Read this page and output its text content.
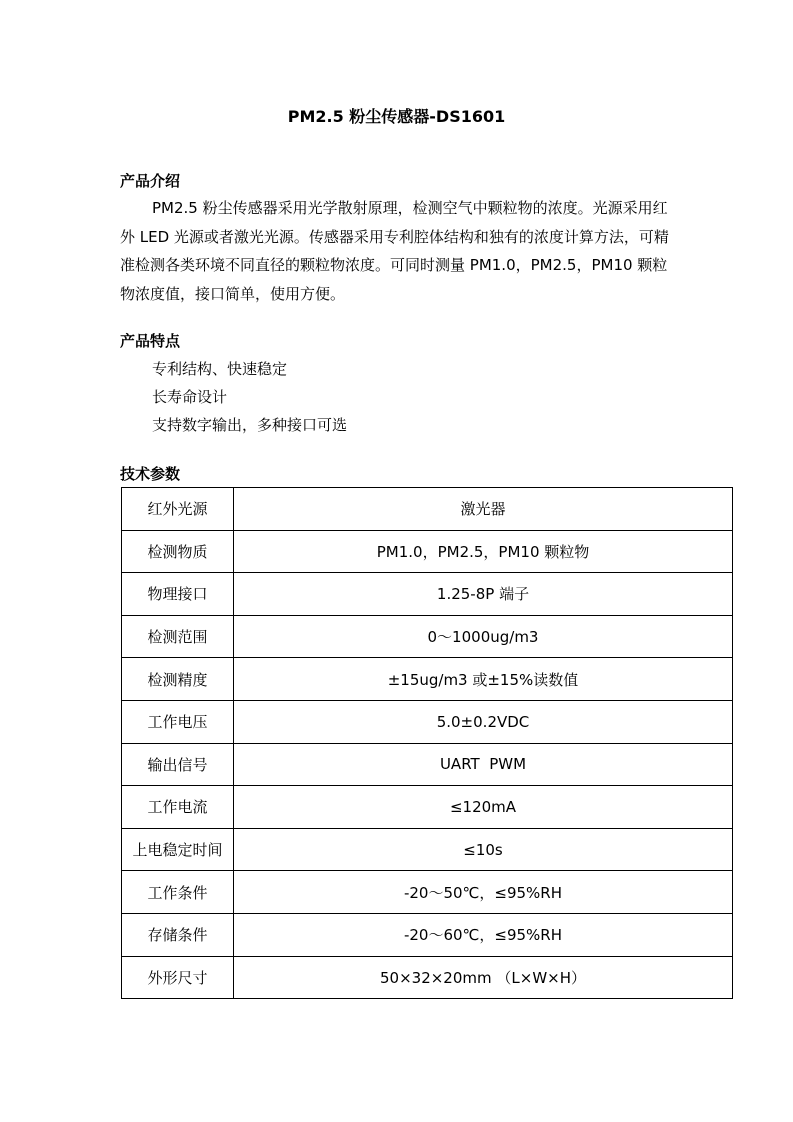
PM2.5 粉尘传感器-DS1601
产品介绍

PM2.5 粉尘传感器采用光学散射原理，检测空气中颗粒物的浓度。光源采用红外 LED 光源或者激光光源。传感器采用专利腔体结构和独有的浓度计算方法，可精准检测各类环境不同直径的颗粒物浓度。可同时测量 PM1.0，PM2.5，PM10 颗粒物浓度值，接口简单，使用方便。

产品特点
专利结构、快速稳定
长寿命设计
支持数字输出，多种接口可选
技术参数
红外光源	激光器
检测物质	PM1.0，PM2.5，PM10 颗粒物
物理接口	1.25-8P 端子
检测范围	0～1000ug/m3
检测精度	±15ug/m3 或±15%读数值
工作电压	5.0±0.2VDC
输出信号	UART  PWM
工作电流	≤120mA
上电稳定时间	≤10s
工作条件	-20～50℃，≤95%RH
存储条件	-20～60℃，≤95%RH
外形尺寸	50×32×20mm （L×W×H）
